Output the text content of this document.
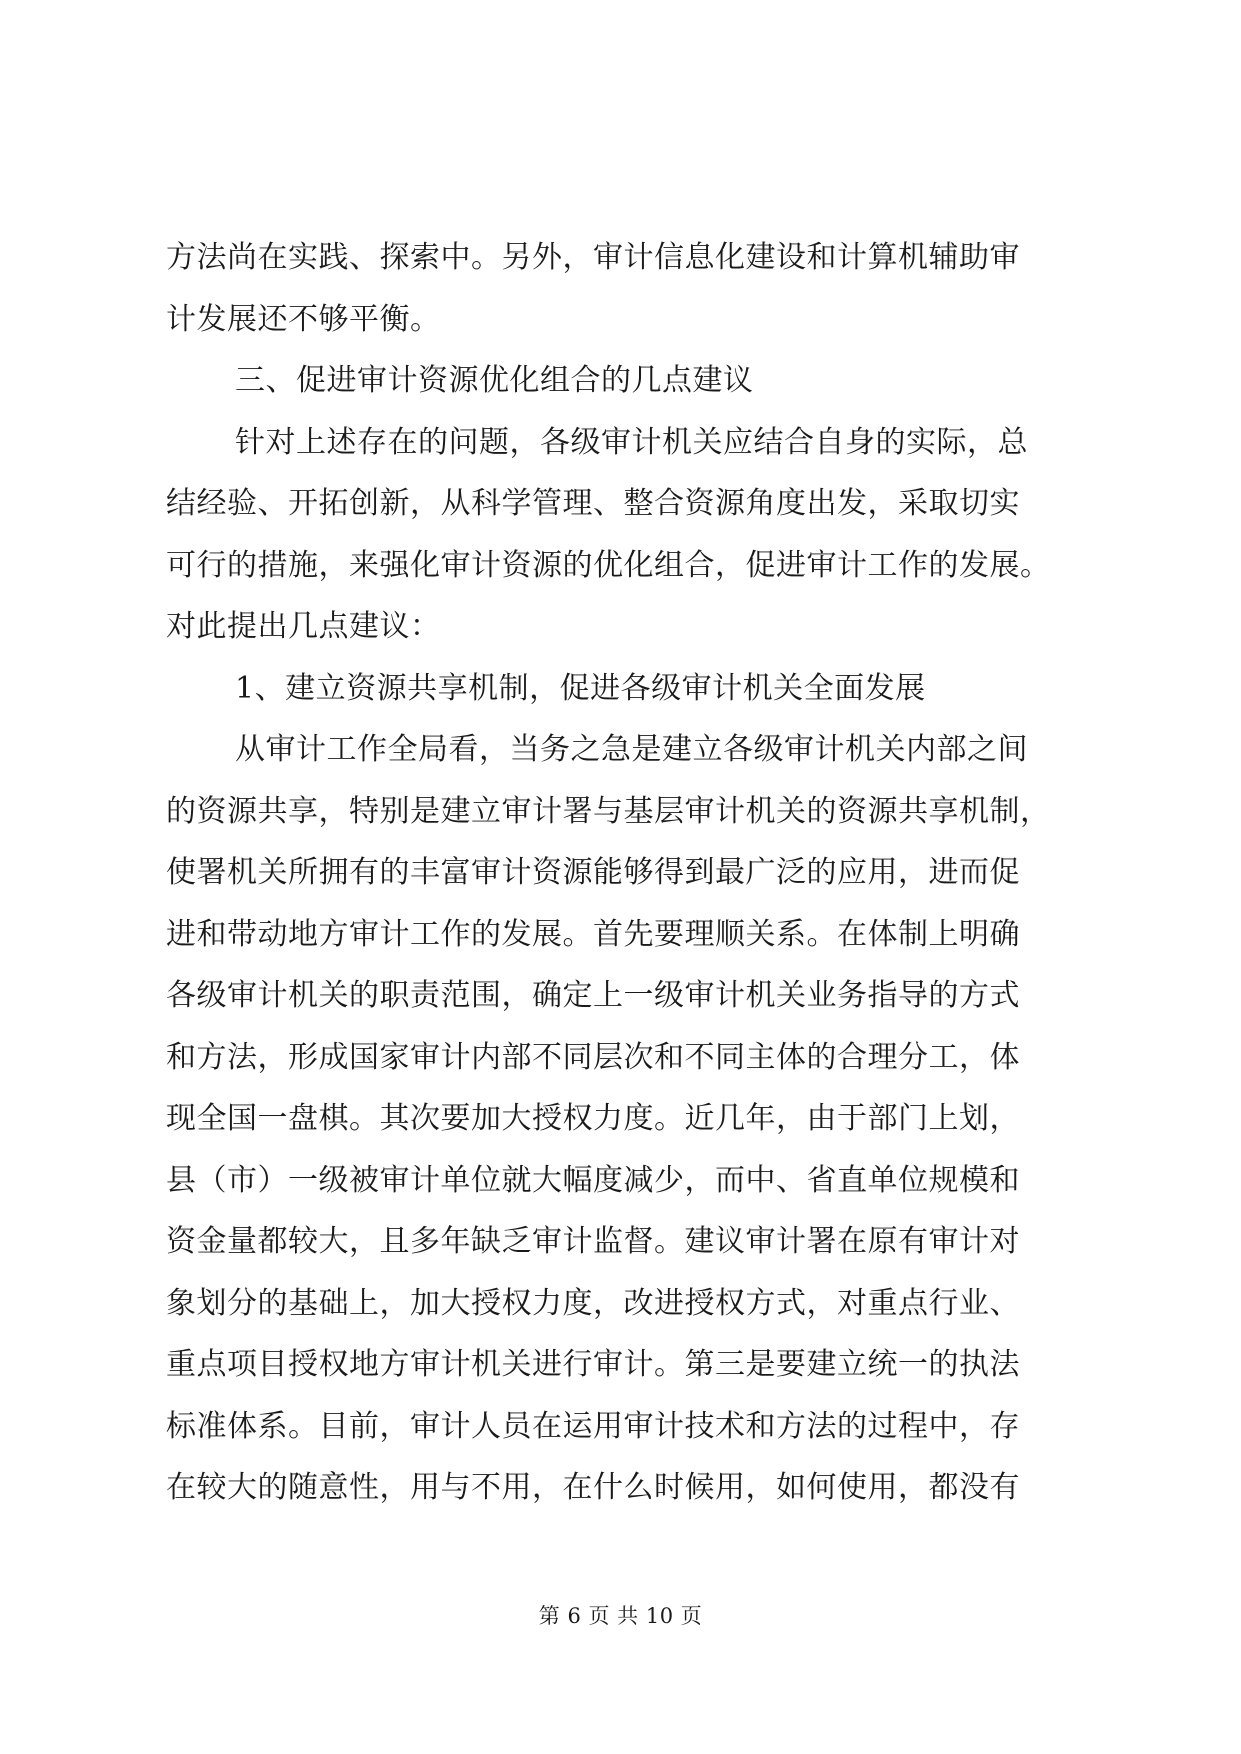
方法尚在实践、探索中。另外，审计信息化建设和计算机辅助审
计发展还不够平衡。
三、促进审计资源优化组合的几点建议
针对上述存在的问题，各级审计机关应结合自身的实际，总
结经验、开拓创新，从科学管理、整合资源角度出发，采取切实
可行的措施，来强化审计资源的优化组合，促进审计工作的发展。
对此提出几点建议：
1、建立资源共享机制，促进各级审计机关全面发展
从审计工作全局看，当务之急是建立各级审计机关内部之间
的资源共享，特别是建立审计署与基层审计机关的资源共享机制，
使署机关所拥有的丰富审计资源能够得到最广泛的应用，进而促
进和带动地方审计工作的发展。首先要理顺关系。在体制上明确
各级审计机关的职责范围，确定上一级审计机关业务指导的方式
和方法，形成国家审计内部不同层次和不同主体的合理分工，体
现全国一盘棋。其次要加大授权力度。近几年，由于部门上划，
县（市）一级被审计单位就大幅度减少，而中、省直单位规模和
资金量都较大，且多年缺乏审计监督。建议审计署在原有审计对
象划分的基础上，加大授权力度，改进授权方式，对重点行业、
重点项目授权地方审计机关进行审计。第三是要建立统一的执法
标准体系。目前，审计人员在运用审计技术和方法的过程中，存
在较大的随意性，用与不用，在什么时候用，如何使用，都没有
第 6 页 共 10 页
